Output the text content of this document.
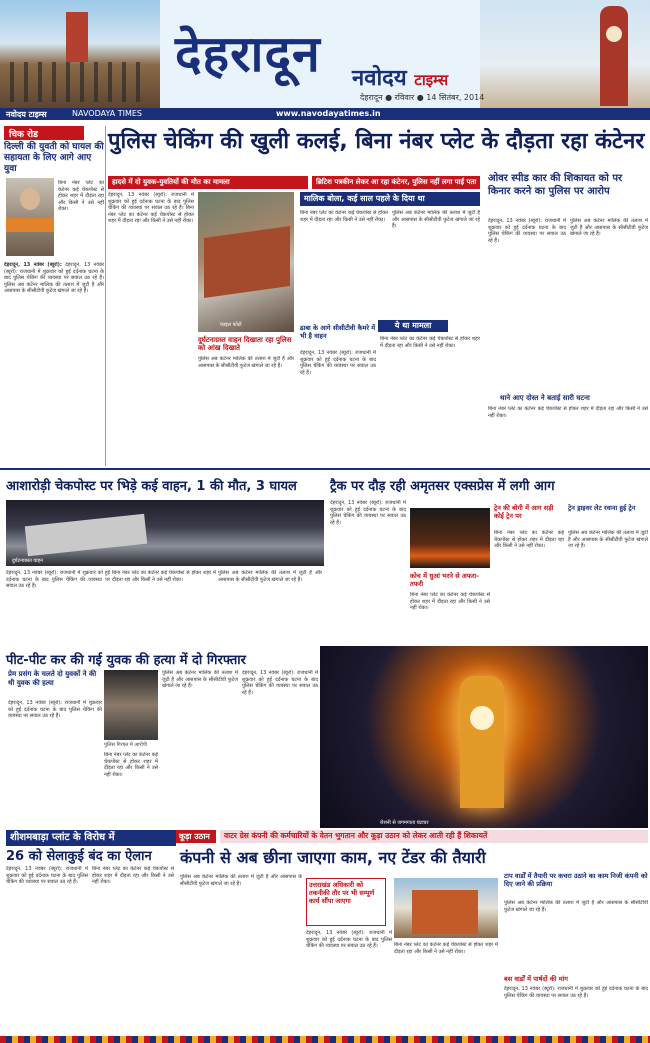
देहरादून नवोदय टाइम्स
देहरादून ● रविवार ● 14 सितंबर, 2014
नवोदय टाइम्स	NAVODAYA TIMES	www.navodayatimes.in
चिक रोड
दिल्ली की युवती को घायल की सहायता के लिए आगे आए युवा
बिना नंबर प्लेट का कंटेनर कई चेकपोस्ट से होकर शहर में दौड़ता रहा और किसी ने उसे नहीं रोका।
देहरादून, 13 नवंबर (ब्यूरो): देहरादून, 13 नवंबर (ब्यूरो): राजधानी में शुक्रवार को हुई दर्दनाक घटना के बाद पुलिस चेकिंग की व्यवस्था पर सवाल उठ रहे हैं। पुलिस अब कंटेनर मालिक की तलाश में जुटी है और आसपास के सीसीटीवी फुटेज खंगाले जा रहे हैं।
पुलिस चेकिंग की खुली कलई, बिना नंबर प्लेट के दौड़ता रहा कंटेनर
हादसे में दो युवक-युवतियों की मौत का मामला	ब्रिटिश पत्रकीन लेकर आ रहा कंटेनर, पुलिस नहीं लगा पाई पता
देहरादून, 13 नवंबर (ब्यूरो): राजधानी में शुक्रवार को हुई दर्दनाक घटना के बाद पुलिस चेकिंग की व्यवस्था पर सवाल उठ रहे हैं। बिना नंबर प्लेट का कंटेनर कई चेकपोस्ट से होकर शहर में दौड़ता रहा और किसी ने उसे नहीं रोका।
फाइल फोटो
दुर्घटनाग्रस्त वाहन दिखाता रहा पुलिस को आंख दिखाते
पुलिस अब कंटेनर मालिक की तलाश में जुटी है और आसपास के सीसीटीवी फुटेज खंगाले जा रहे हैं।
मालिक बोला, कई साल पहले के दिया था
बिना नंबर प्लेट का कंटेनर कई चेकपोस्ट से होकर शहर में दौड़ता रहा और किसी ने उसे नहीं रोका।
पुलिस अब कंटेनर मालिक की तलाश में जुटी है और आसपास के सीसीटीवी फुटेज खंगाले जा रहे हैं।
ढाबा के आगे सीसीटीवी कैमरे में भी है वाहन
ये था मामला
देहरादून, 13 नवंबर (ब्यूरो): राजधानी में शुक्रवार को हुई दर्दनाक घटना के बाद पुलिस चेकिंग की व्यवस्था पर सवाल उठ रहे हैं।
बिना नंबर प्लेट का कंटेनर कई चेकपोस्ट से होकर शहर में दौड़ता रहा और किसी ने उसे नहीं रोका।
ओवर स्पीड कार की शिकायत को पर किनार करने का पुलिस पर आरोप
देहरादून, 13 नवंबर (ब्यूरो): राजधानी में शुक्रवार को हुई दर्दनाक घटना के बाद पुलिस चेकिंग की व्यवस्था पर सवाल उठ रहे हैं।
पुलिस अब कंटेनर मालिक की तलाश में जुटी है और आसपास के सीसीटीवी फुटेज खंगाले जा रहे हैं।
थाने आए दोस्त ने बताई सारी घटना
बिना नंबर प्लेट का कंटेनर कई चेकपोस्ट से होकर शहर में दौड़ता रहा और किसी ने उसे नहीं रोका।
आशारोड़ी चेकपोस्ट पर भिड़े कई वाहन, 1 की मौत, 3 घायल
दुर्घटनाग्रस्त वाहन
देहरादून, 13 नवंबर (ब्यूरो): राजधानी में शुक्रवार को हुई दर्दनाक घटना के बाद पुलिस चेकिंग की व्यवस्था पर सवाल उठ रहे हैं।
बिना नंबर प्लेट का कंटेनर कई चेकपोस्ट से होकर शहर में दौड़ता रहा और किसी ने उसे नहीं रोका।
पुलिस अब कंटेनर मालिक की तलाश में जुटी है और आसपास के सीसीटीवी फुटेज खंगाले जा रहे हैं।
ट्रैक पर दौड़ रही अमृतसर एक्सप्रेस में लगी आग
देहरादून, 13 नवंबर (ब्यूरो): राजधानी में शुक्रवार को हुई दर्दनाक घटना के बाद पुलिस चेकिंग की व्यवस्था पर सवाल उठ रहे हैं।
ट्रेन की बोगी में आग सड़ी कोई ट्रेन पर
ट्रेन ड्राइवर लेट रवाना हुई ट्रेन
बिना नंबर प्लेट का कंटेनर कई चेकपोस्ट से होकर शहर में दौड़ता रहा और किसी ने उसे नहीं रोका।
पुलिस अब कंटेनर मालिक की तलाश में जुटी है और आसपास के सीसीटीवी फुटेज खंगाले जा रहे हैं।
कोच में धुआं भरने से अफरा-तफरी
बिना नंबर प्लेट का कंटेनर कई चेकपोस्ट से होकर शहर में दौड़ता रहा और किसी ने उसे नहीं रोका।
पीट-पीट कर की गई युवक की हत्या में दो गिरफ्तार
प्रेम प्रसंग के चलते दो युवकों ने की थी युवक की हत्या
देहरादून, 13 नवंबर (ब्यूरो): राजधानी में शुक्रवार को हुई दर्दनाक घटना के बाद पुलिस चेकिंग की व्यवस्था पर सवाल उठ रहे हैं।
पुलिस गिरफ्त में आरोपी
बिना नंबर प्लेट का कंटेनर कई चेकपोस्ट से होकर शहर में दौड़ता रहा और किसी ने उसे नहीं रोका।
पुलिस अब कंटेनर मालिक की तलाश में जुटी है और आसपास के सीसीटीवी फुटेज खंगाले जा रहे हैं।
देहरादून, 13 नवंबर (ब्यूरो): राजधानी में शुक्रवार को हुई दर्दनाक घटना के बाद पुलिस चेकिंग की व्यवस्था पर सवाल उठ रहे हैं।
रोशनी से जगमगाता घंटाघर
शीशमबाड़ा प्लांट के विरोध में
26 को सेलाकुई बंद का ऐलान
देहरादून, 13 नवंबर (ब्यूरो): राजधानी में शुक्रवार को हुई दर्दनाक घटना के बाद पुलिस चेकिंग की व्यवस्था पर सवाल उठ रहे हैं।
बिना नंबर प्लेट का कंटेनर कई चेकपोस्ट से होकर शहर में दौड़ता रहा और किसी ने उसे नहीं रोका।
कूड़ा उठान	वाटर ग्रेस कंपनी की कर्मचारियों के वेतन भुगतान और कूड़ा उठान को लेकर आती रही हैं शिकायतें
कंपनी से अब छीना जाएगा काम, नए टेंडर की तैयारी
पुलिस अब कंटेनर मालिक की तलाश में जुटी है और आसपास के सीसीटीवी फुटेज खंगाले जा रहे हैं।	उत्तराखंड अधिकारी को तकनीकी तौर पर भी सम्पूर्ण कार्य सौंपा जाएगा
देहरादून, 13 नवंबर (ब्यूरो): राजधानी में शुक्रवार को हुई दर्दनाक घटना के बाद पुलिस चेकिंग की व्यवस्था पर सवाल उठ रहे हैं।	बिना नंबर प्लेट का कंटेनर कई चेकपोस्ट से होकर शहर में दौड़ता रहा और किसी ने उसे नहीं रोका।
टाप वार्डों में तैयारी पर कचरा उठाने का काम निजी कंपनी को दिए जाने की प्रक्रिया
पुलिस अब कंटेनर मालिक की तलाश में जुटी है और आसपास के सीसीटीवी फुटेज खंगाले जा रहे हैं।
बस वार्डों में पार्षदों की मांग
देहरादून, 13 नवंबर (ब्यूरो): राजधानी में शुक्रवार को हुई दर्दनाक घटना के बाद पुलिस चेकिंग की व्यवस्था पर सवाल उठ रहे हैं।
